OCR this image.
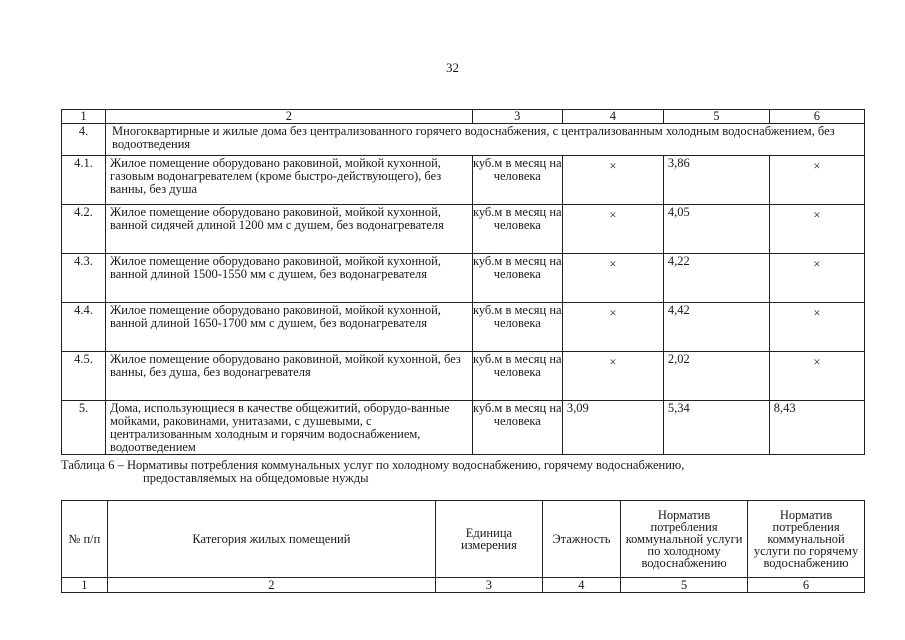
32
1	2	3	4	5	6
4.	Многоквартирные и жилые дома без централизованного горячего водоснабжения, с централизованным холодным водоснабжением, без водоотведения				
4.1.	Жилое помещение оборудовано раковиной, мойкой кухонной, газовым водонагревателем (кроме быстро-действующего), без ванны, без душа	куб.м в месяц на человека	×	3,86	×
4.2.	Жилое помещение оборудовано раковиной, мойкой кухонной, ванной сидячей длиной 1200 мм с душем, без водонагревателя	куб.м в месяц на человека	×	4,05	×
4.3.	Жилое помещение оборудовано раковиной, мойкой кухонной, ванной длиной 1500-1550 мм с душем, без водонагревателя	куб.м в месяц на человека	×	4,22	×
4.4.	Жилое помещение оборудовано раковиной, мойкой кухонной, ванной длиной 1650-1700 мм с душем, без водонагревателя	куб.м в месяц на человека	×	4,42	×
4.5.	Жилое помещение оборудовано раковиной, мойкой кухонной, без ванны, без душа, без водонагревателя	куб.м в месяц на человека	×	2,02	×
5.	Дома, использующиеся в качестве общежитий, оборудо-ванные мойками, раковинами, унитазами, с душевыми, с централизованным холодным и горячим водоснабжением, водоотведением	куб.м в месяц на человека	3,09	5,34	8,43
Таблица 6 – Нормативы потребления коммунальных услуг по холодному водоснабжению, горячему водоснабжению,
предоставляемых на общедомовые нужды
№ п/п	Категория жилых помещений	Единица измерения	Этажность	Норматив потребления коммунальной услуги по холодному водоснабжению	Норматив потребления коммунальной услуги по горячему водоснабжению
1	2	3	4	5	6
